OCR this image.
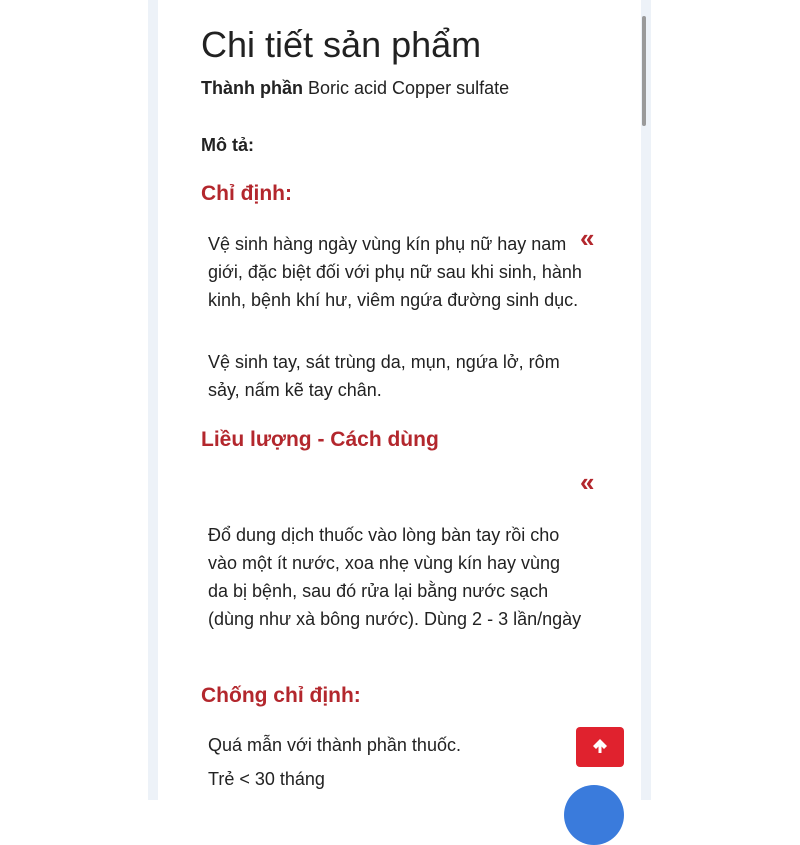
Chi tiết sản phẩm
Thành phần Boric acid Copper sulfate
Mô tả:
Chỉ định:
«

Vệ sinh hàng ngày vùng kín phụ nữ hay nam giới, đặc biệt đối với phụ nữ sau khi sinh, hành kinh, bệnh khí hư, viêm ngứa đường sinh dục.

Vệ sinh tay, sát trùng da, mụn, ngứa lở, rôm sảy, nấm kẽ tay chân.

Liều lượng - Cách dùng
«

Đổ dung dịch thuốc vào lòng bàn tay rồi cho vào một ít nước, xoa nhẹ vùng kín hay vùng da bị bệnh, sau đó rửa lại bằng nước sạch (dùng như xà bông nước). Dùng 2 - 3 lần/ngày

Chống chỉ định:

Quá mẫn với thành phần thuốc.

Trẻ < 30 tháng
